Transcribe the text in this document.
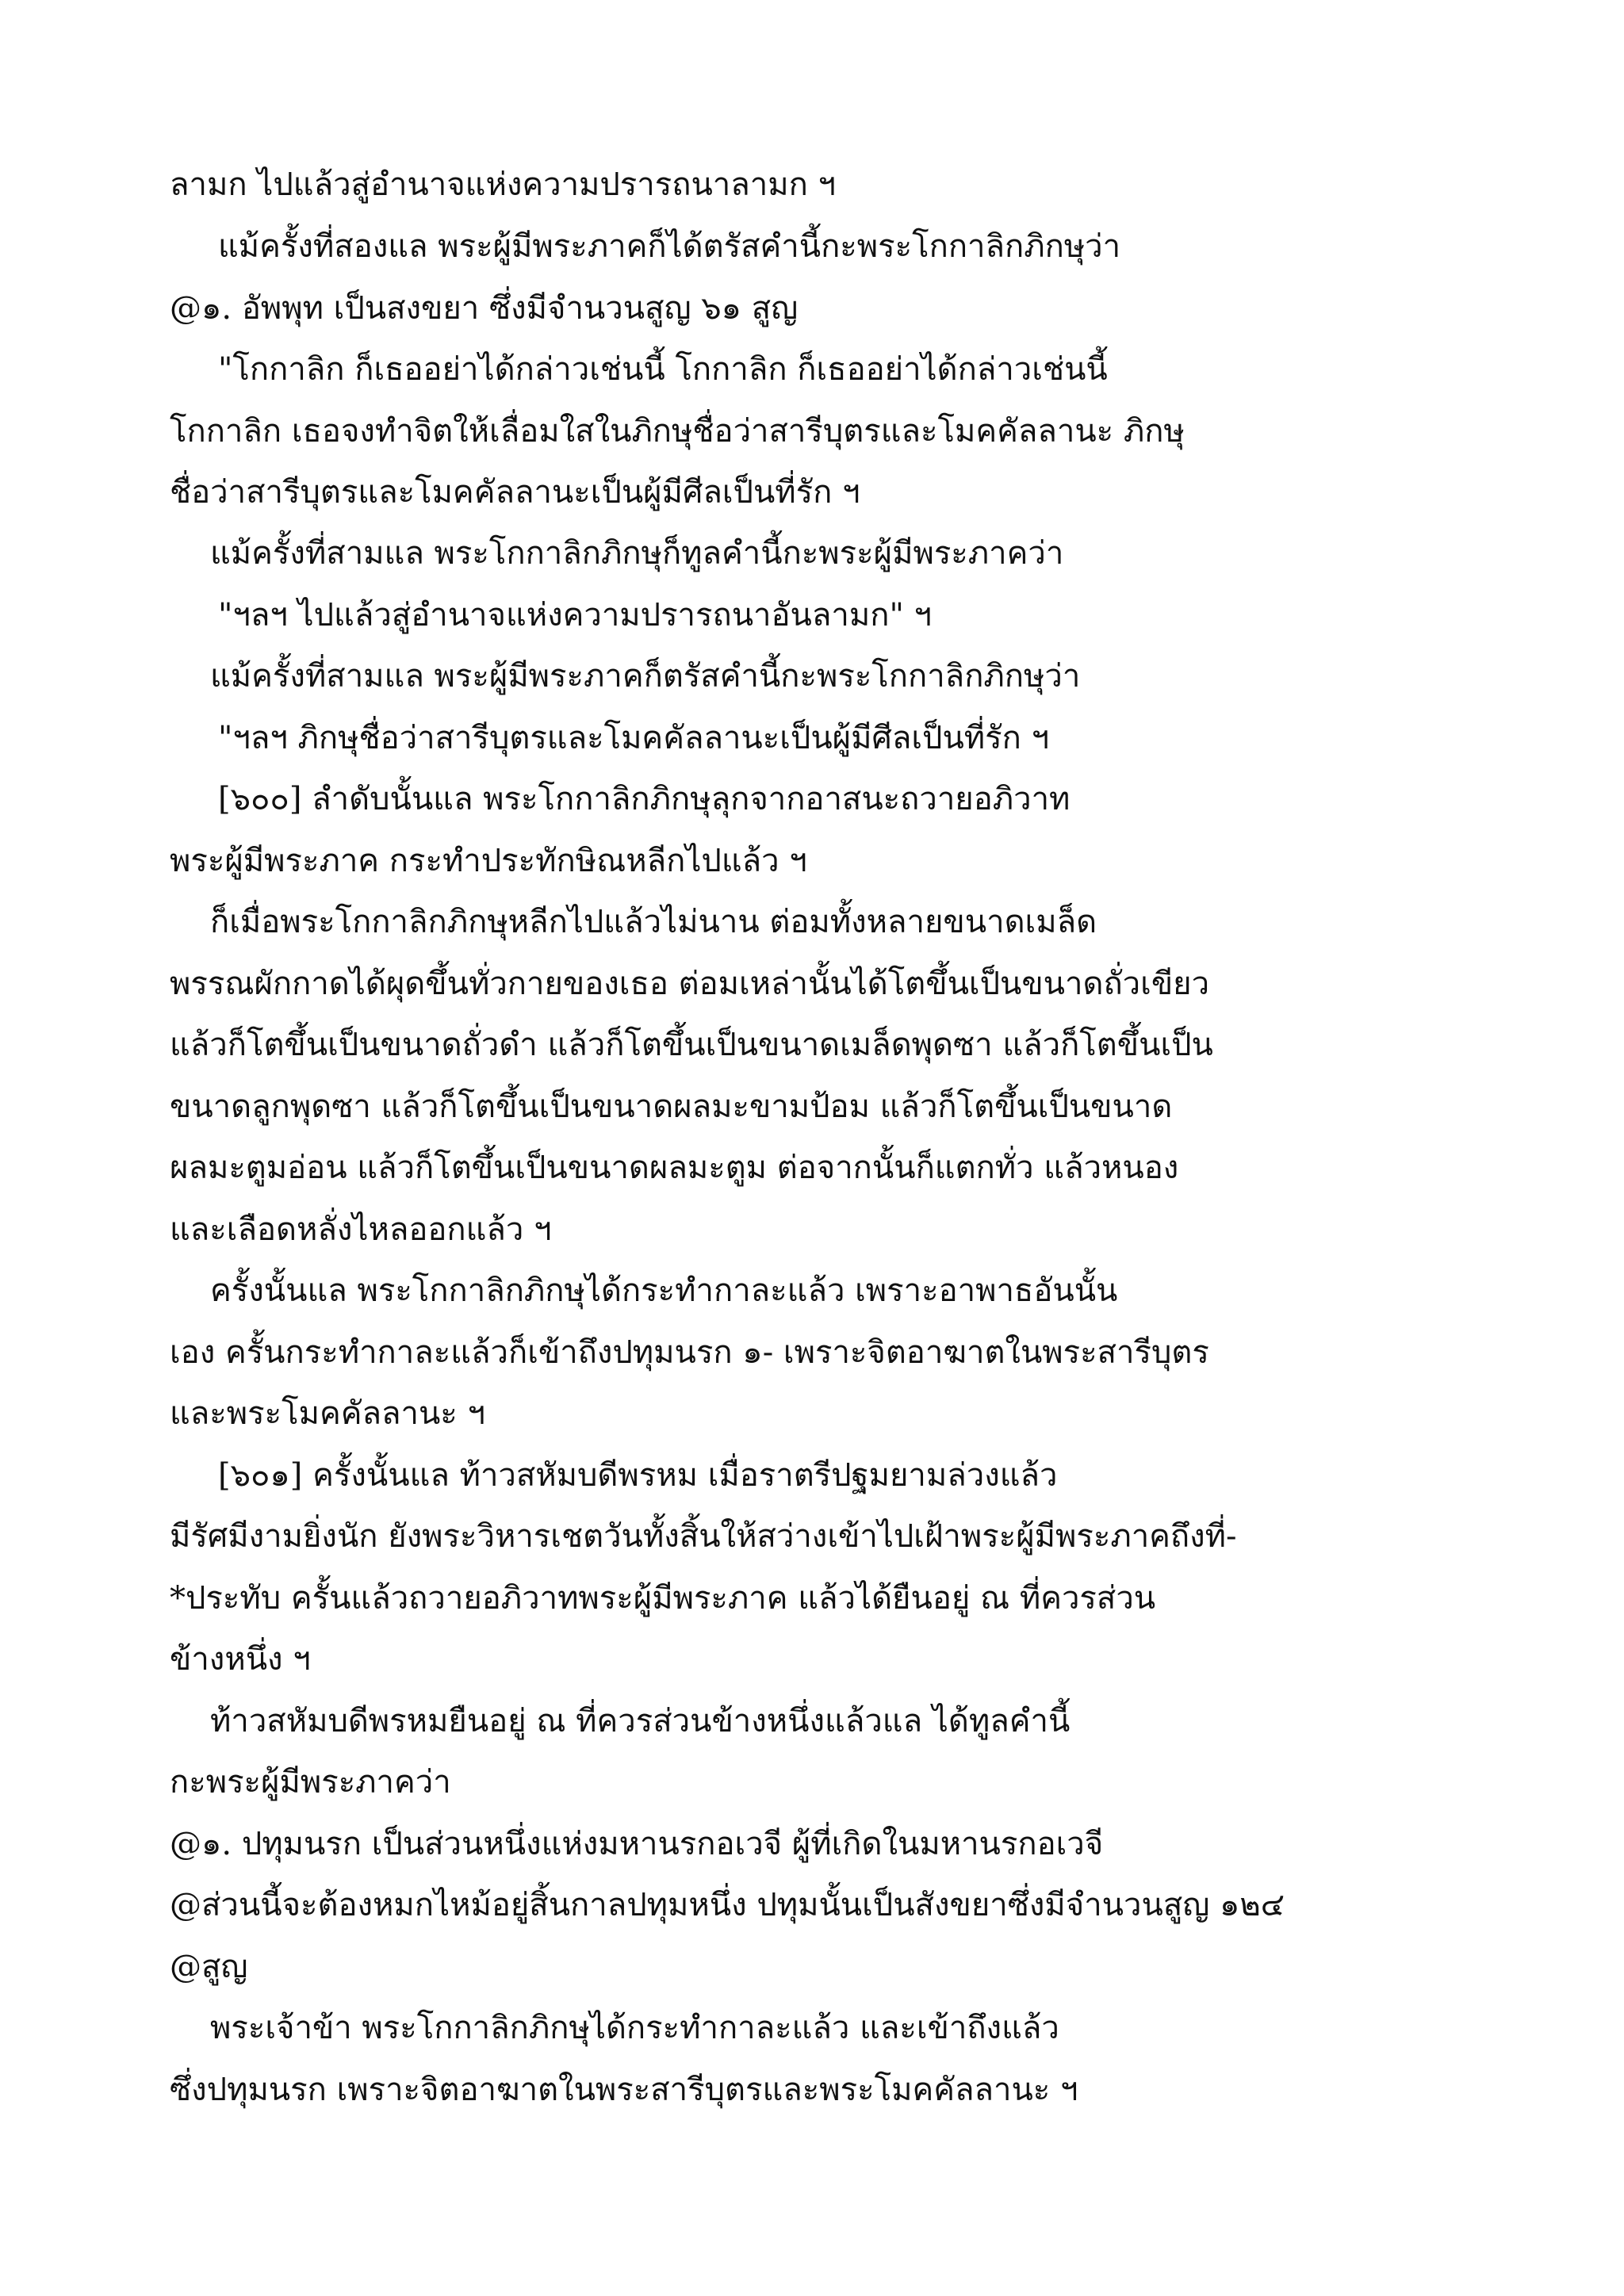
ลามก ไปแล้วสู่อำนาจแห่งความปรารถนาลามก ฯ
แม้ครั้งที่สองแล พระผู้มีพระภาคก็ได้ตรัสคำนี้กะพระโกกาลิกภิกษุว่า
@๑. อัพพุท เป็นสงขยา ซึ่งมีจำนวนสูญ ๖๑ สูญ
"โกกาลิก ก็เธออย่าได้กล่าวเช่นนี้ โกกาลิก ก็เธออย่าได้กล่าวเช่นนี้
โกกาลิก เธอจงทำจิตให้เลื่อมใสในภิกษุชื่อว่าสารีบุตรและโมคคัลลานะ ภิกษุ
ชื่อว่าสารีบุตรและโมคคัลลานะเป็นผู้มีศีลเป็นที่รัก ฯ
แม้ครั้งที่สามแล พระโกกาลิกภิกษุก็ทูลคำนี้กะพระผู้มีพระภาคว่า
"ฯลฯ ไปแล้วสู่อำนาจแห่งความปรารถนาอันลามก" ฯ
แม้ครั้งที่สามแล พระผู้มีพระภาคก็ตรัสคำนี้กะพระโกกาลิกภิกษุว่า
"ฯลฯ ภิกษุชื่อว่าสารีบุตรและโมคคัลลานะเป็นผู้มีศีลเป็นที่รัก ฯ
[๖๐๐] ลำดับนั้นแล พระโกกาลิกภิกษุลุกจากอาสนะถวายอภิวาท
พระผู้มีพระภาค กระทำประทักษิณหลีกไปแล้ว ฯ
ก็เมื่อพระโกกาลิกภิกษุหลีกไปแล้วไม่นาน ต่อมทั้งหลายขนาดเมล็ด
พรรณผักกาดได้ผุดขึ้นทั่วกายของเธอ ต่อมเหล่านั้นได้โตขึ้นเป็นขนาดถั่วเขียว
แล้วก็โตขึ้นเป็นขนาดถั่วดำ แล้วก็โตขึ้นเป็นขนาดเมล็ดพุดซา แล้วก็โตขึ้นเป็น
ขนาดลูกพุดซา แล้วก็โตขึ้นเป็นขนาดผลมะขามป้อม แล้วก็โตขึ้นเป็นขนาด
ผลมะตูมอ่อน แล้วก็โตขึ้นเป็นขนาดผลมะตูม ต่อจากนั้นก็แตกทั่ว แล้วหนอง
และเลือดหลั่งไหลออกแล้ว ฯ
ครั้งนั้นแล พระโกกาลิกภิกษุได้กระทำกาละแล้ว เพราะอาพาธอันนั้น
เอง ครั้นกระทำกาละแล้วก็เข้าถึงปทุมนรก ๑- เพราะจิตอาฆาตในพระสารีบุตร
และพระโมคคัลลานะ ฯ
[๖๐๑] ครั้งนั้นแล ท้าวสหัมบดีพรหม เมื่อราตรีปฐมยามล่วงแล้ว
มีรัศมีงามยิ่งนัก ยังพระวิหารเชตวันทั้งสิ้นให้สว่างเข้าไปเฝ้าพระผู้มีพระภาคถึงที่-
*ประทับ ครั้นแล้วถวายอภิวาทพระผู้มีพระภาค แล้วได้ยืนอยู่ ณ ที่ควรส่วน
ข้างหนึ่ง ฯ
ท้าวสหัมบดีพรหมยืนอยู่ ณ ที่ควรส่วนข้างหนึ่งแล้วแล ได้ทูลคำนี้
กะพระผู้มีพระภาคว่า
@๑. ปทุมนรก เป็นส่วนหนึ่งแห่งมหานรกอเวจี ผู้ที่เกิดในมหานรกอเวจี
@ส่วนนี้จะต้องหมกไหม้อยู่สิ้นกาลปทุมหนึ่ง ปทุมนั้นเป็นสังขยาซึ่งมีจำนวนสูญ ๑๒๔
@สูญ
พระเจ้าข้า พระโกกาลิกภิกษุได้กระทำกาละแล้ว และเข้าถึงแล้ว
ซึ่งปทุมนรก เพราะจิตอาฆาตในพระสารีบุตรและพระโมคคัลลานะ ฯ
